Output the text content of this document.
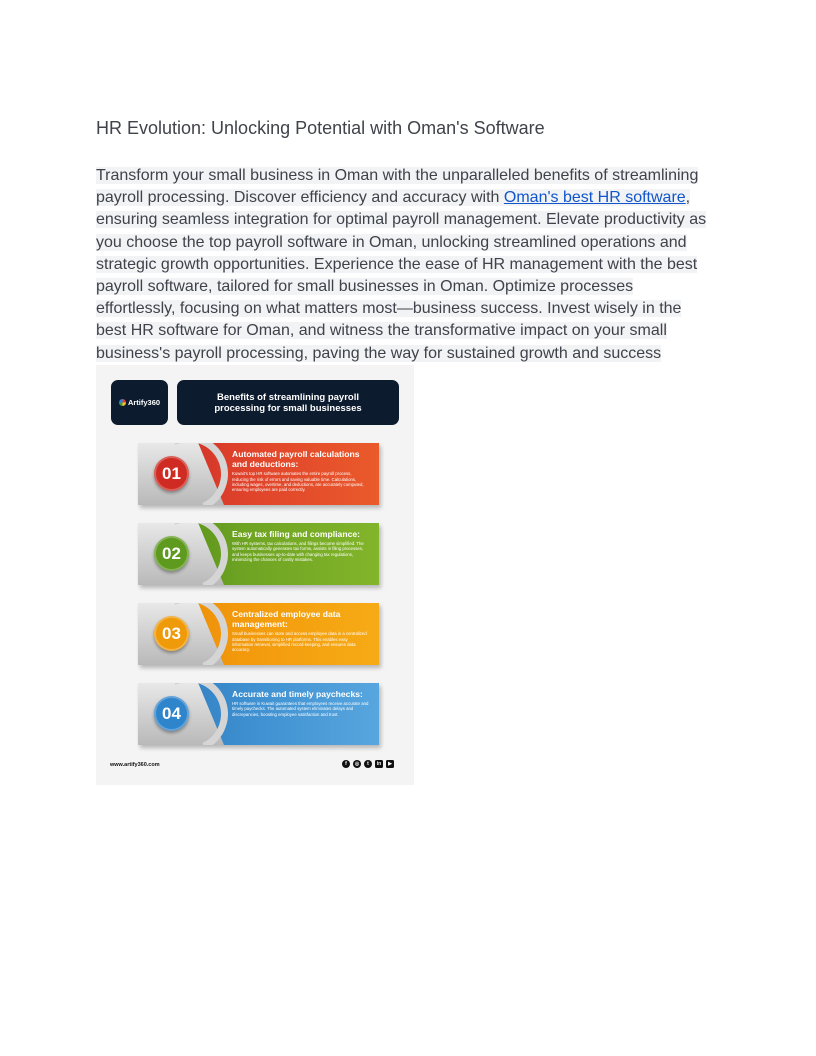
HR Evolution: Unlocking Potential with Oman's Software

Transform your small business in Oman with the unparalleled benefits of streamlining payroll processing. Discover efficiency and accuracy with Oman's best HR software, ensuring seamless integration for optimal payroll management. Elevate productivity as you choose the top payroll software in Oman, unlocking streamlined operations and strategic growth opportunities. Experience the ease of HR management with the best payroll software, tailored for small businesses in Oman. Optimize processes effortlessly, focusing on what matters most—business success. Invest wisely in the best HR software for Oman, and witness the transformative impact on your small business's payroll processing, paving the way for sustained growth and success

Artify360	Benefits of streamlining payroll processing for small businesses
01
Automated payroll calculations and deductions:
Kuwait's top HR software automates the entire payroll process, reducing the risk of errors and saving valuable time. Calculations, including wages, overtime, and deductions, are accurately computed, ensuring employees are paid correctly.
02
Easy tax filing and compliance:
With HR systems, tax calculations, and filings become simplified. The system automatically generates tax forms, assists in filing processes, and keeps businesses up-to-date with changing tax regulations, minimizing the chances of costly mistakes.
03
Centralized employee data management:
Small businesses can store and access employee data in a centralized database by transitioning to HR platforms. This enables easy information retrieval, simplified record-keeping, and ensures data accuracy.
04
Accurate and timely paychecks:
HR software in Kuwait guarantees that employees receive accurate and timely paychecks. The automated system eliminates delays and discrepancies, boosting employee satisfaction and trust.
www.artify360.com	f	◎	t	in	▶
